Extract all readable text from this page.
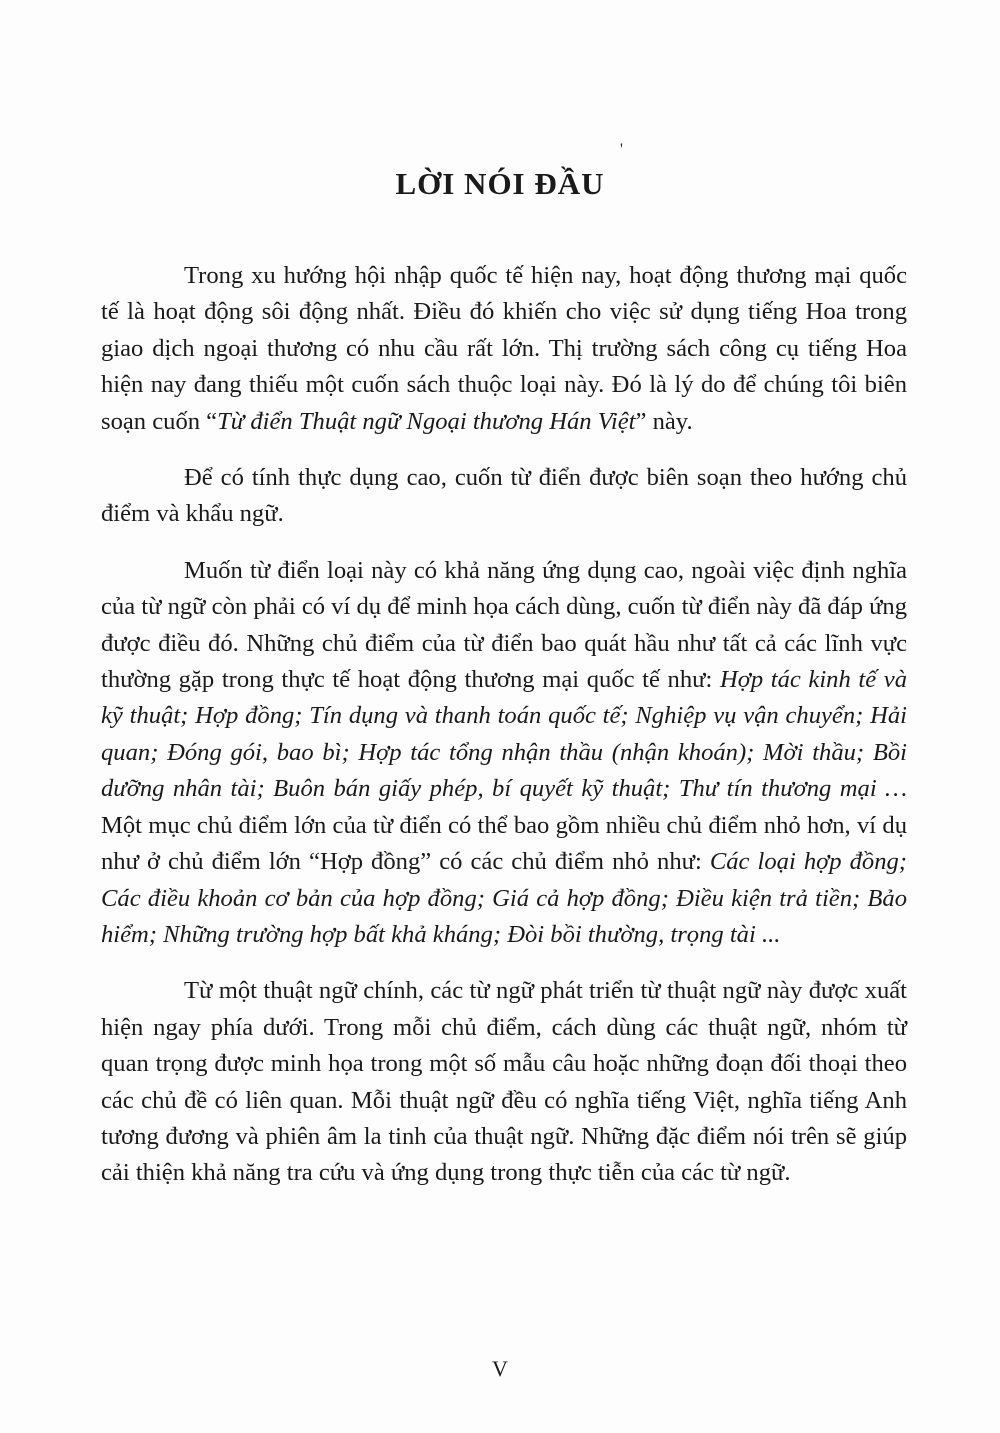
'
LỜI NÓI ĐẦU

Trong xu hướng hội nhập quốc tế hiện nay, hoạt động thương mại quốc tế là hoạt động sôi động nhất. Điều đó khiến cho việc sử dụng tiếng Hoa trong giao dịch ngoại thương có nhu cầu rất lớn. Thị trường sách công cụ tiếng Hoa hiện nay đang thiếu một cuốn sách thuộc loại này. Đó là lý do để chúng tôi biên soạn cuốn “Từ điển Thuật ngữ Ngoại thương Hán Việt” này.

Để có tính thực dụng cao, cuốn từ điển được biên soạn theo hướng chủ điểm và khẩu ngữ.

Muốn từ điển loại này có khả năng ứng dụng cao, ngoài việc định nghĩa của từ ngữ còn phải có ví dụ để minh họa cách dùng, cuốn từ điển này đã đáp ứng được điều đó. Những chủ điểm của từ điển bao quát hầu như tất cả các lĩnh vực thường gặp trong thực tế hoạt động thương mại quốc tế như: Hợp tác kinh tế và kỹ thuật; Hợp đồng; Tín dụng và thanh toán quốc tế; Nghiệp vụ vận chuyển; Hải quan; Đóng gói, bao bì; Hợp tác tổng nhận thầu (nhận khoán); Mời thầu; Bồi dưỡng nhân tài; Buôn bán giấy phép, bí quyết kỹ thuật; Thư tín thương mại … Một mục chủ điểm lớn của từ điển có thể bao gồm nhiều chủ điểm nhỏ hơn, ví dụ như ở chủ điểm lớn “Hợp đồng” có các chủ điểm nhỏ như: Các loại hợp đồng; Các điều khoản cơ bản của hợp đồng; Giá cả hợp đồng; Điều kiện trả tiền; Bảo hiểm; Những trường hợp bất khả kháng; Đòi bồi thường, trọng tài ...

Từ một thuật ngữ chính, các từ ngữ phát triển từ thuật ngữ này được xuất hiện ngay phía dưới. Trong mỗi chủ điểm, cách dùng các thuật ngữ, nhóm từ quan trọng được minh họa trong một số mẫu câu hoặc những đoạn đối thoại theo các chủ đề có liên quan. Mỗi thuật ngữ đều có nghĩa tiếng Việt, nghĩa tiếng Anh tương đương và phiên âm la tinh của thuật ngữ. Những đặc điểm nói trên sẽ giúp cải thiện khả năng tra cứu và ứng dụng trong thực tiễn của các từ ngữ.

V
